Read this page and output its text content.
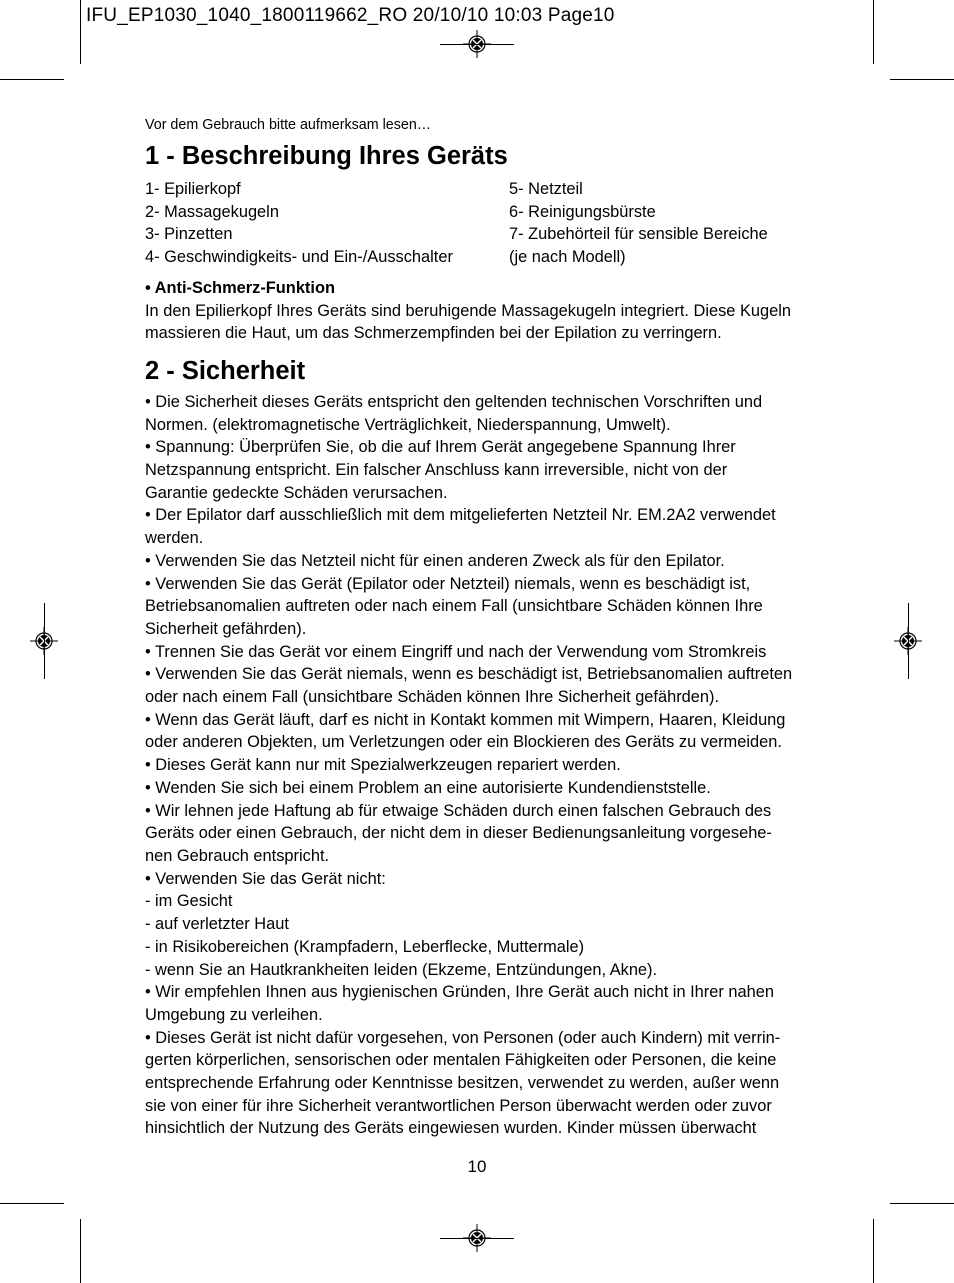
IFU_EP1030_1040_1800119662_RO 20/10/10 10:03 Page10

Vor dem Gebrauch bitte aufmerksam lesen…

1 - Beschreibung Ihres Geräts
1- Epilierkopf
2- Massagekugeln
3- Pinzetten
4- Geschwindigkeits- und Ein-/Ausschalter
5- Netzteil
6- Reinigungsbürste
7- Zubehörteil für sensible Bereiche
(je nach Modell)
• Anti-Schmerz-Funktion
In den Epilierkopf Ihres Geräts sind beruhigende Massagekugeln integriert. Diese Kugeln
massieren die Haut, um das Schmerzempfinden bei der Epilation zu verringern.
2 - Sicherheit
• Die Sicherheit dieses Geräts entspricht den geltenden technischen Vorschriften und
Normen. (elektromagnetische Verträglichkeit, Niederspannung, Umwelt).
• Spannung: Überprüfen Sie, ob die auf Ihrem Gerät angegebene Spannung Ihrer
Netzspannung entspricht. Ein falscher Anschluss kann irreversible, nicht von der
Garantie gedeckte Schäden verursachen.
• Der Epilator darf ausschließlich mit dem mitgelieferten Netzteil Nr. EM.2A2 verwendet
werden.
• Verwenden Sie das Netzteil nicht für einen anderen Zweck als für den Epilator.
• Verwenden Sie das Gerät (Epilator oder Netzteil) niemals, wenn es beschädigt ist,
Betriebsanomalien auftreten oder nach einem Fall (unsichtbare Schäden können Ihre
Sicherheit gefährden).
• Trennen Sie das Gerät vor einem Eingriff und nach der Verwendung vom Stromkreis
• Verwenden Sie das Gerät niemals, wenn es beschädigt ist, Betriebsanomalien auftreten
oder nach einem Fall (unsichtbare Schäden können Ihre Sicherheit gefährden).
• Wenn das Gerät läuft, darf es nicht in Kontakt kommen mit Wimpern, Haaren, Kleidung
oder anderen Objekten, um Verletzungen oder ein Blockieren des Geräts zu vermeiden.
• Dieses Gerät kann nur mit Spezialwerkzeugen repariert werden.
• Wenden Sie sich bei einem Problem an eine autorisierte Kundendienststelle.
• Wir lehnen jede Haftung ab für etwaige Schäden durch einen falschen Gebrauch des
Geräts oder einen Gebrauch, der nicht dem in dieser Bedienungsanleitung vorgesehe-
nen Gebrauch entspricht.
• Verwenden Sie das Gerät nicht:
- im Gesicht
- auf verletzter Haut
- in Risikobereichen (Krampfadern, Leberflecke, Muttermale)
- wenn Sie an Hautkrankheiten leiden (Ekzeme, Entzündungen, Akne).
• Wir empfehlen Ihnen aus hygienischen Gründen, Ihre Gerät auch nicht in Ihrer nahen
Umgebung zu verleihen.
• Dieses Gerät ist nicht dafür vorgesehen, von Personen (oder auch Kindern) mit verrin-
gerten körperlichen, sensorischen oder mentalen Fähigkeiten oder Personen, die keine
entsprechende Erfahrung oder Kenntnisse besitzen, verwendet zu werden, außer wenn
sie von einer für ihre Sicherheit verantwortlichen Person überwacht werden oder zuvor
hinsichtlich der Nutzung des Geräts eingewiesen wurden. Kinder müssen überwacht
10
